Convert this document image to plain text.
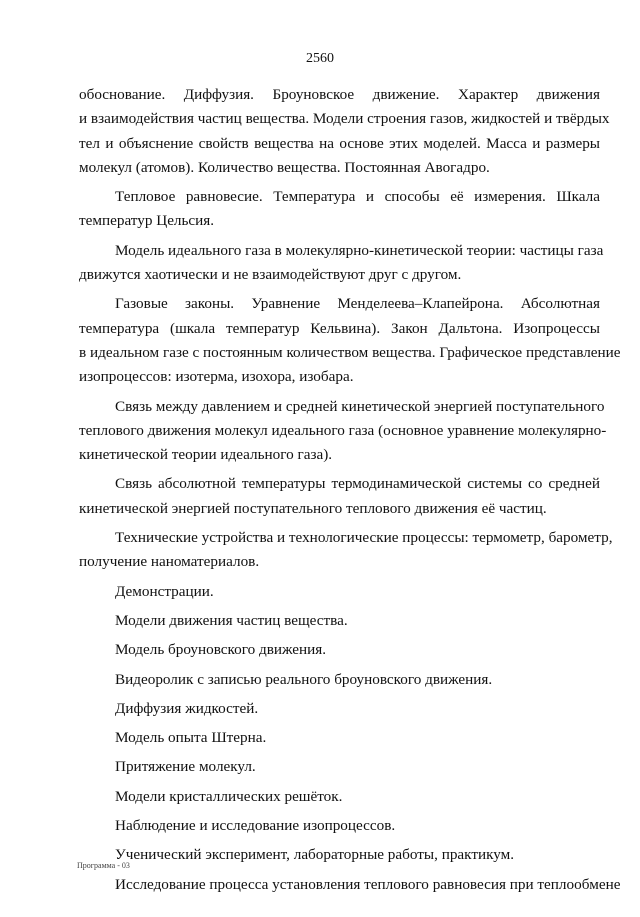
2560
обоснование. Диффузия. Броуновское движение. Характер движения
и взаимодействия частиц вещества. Модели строения газов, жидкостей и твёрдых
тел и объяснение свойств вещества на основе этих моделей. Масса и размеры
молекул (атомов). Количество вещества. Постоянная Авогадро.
Тепловое равновесие. Температура и способы её измерения. Шкала
температур Цельсия.
Модель идеального газа в молекулярно-кинетической теории: частицы газа
движутся хаотически и не взаимодействуют друг с другом.
Газовые законы. Уравнение Менделеева–Клапейрона. Абсолютная
температура (шкала температур Кельвина). Закон Дальтона. Изопроцессы
в идеальном газе с постоянным количеством вещества. Графическое представление
изопроцессов: изотерма, изохора, изобара.
Связь между давлением и средней кинетической энергией поступательного
теплового движения молекул идеального газа (основное уравнение молекулярно-
кинетической теории идеального газа).
Связь абсолютной температуры термодинамической системы со средней
кинетической энергией поступательного теплового движения её частиц.
Технические устройства и технологические процессы: термометр, барометр,
получение наноматериалов.
Демонстрации.
Модели движения частиц вещества.
Модель броуновского движения.
Видеоролик с записью реального броуновского движения.
Диффузия жидкостей.
Модель опыта Штерна.
Притяжение молекул.
Модели кристаллических решёток.
Наблюдение и исследование изопроцессов.
Ученический эксперимент, лабораторные работы, практикум.
Исследование процесса установления теплового равновесия при теплообмене
Программа - 03
